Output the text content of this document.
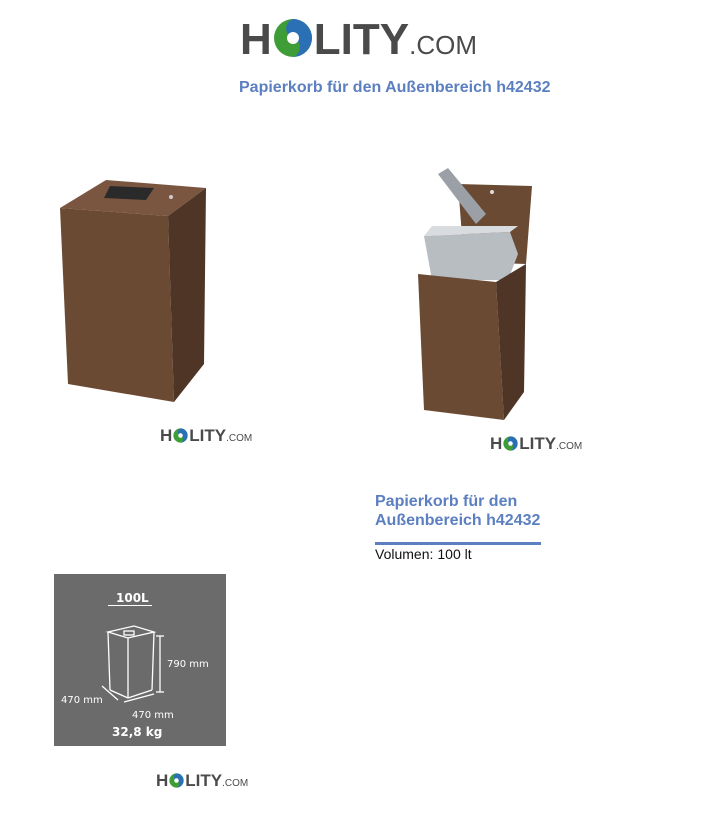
H LITY .COM
Papierkorb für den Außenbereich h42432
H LITY .COM	H LITY .COM
Papierkorb für den
Außenbereich h42432
Volumen: 100 lt
100L
790 mm
470 mm
470 mm
32,8 kg
H LITY .COM
